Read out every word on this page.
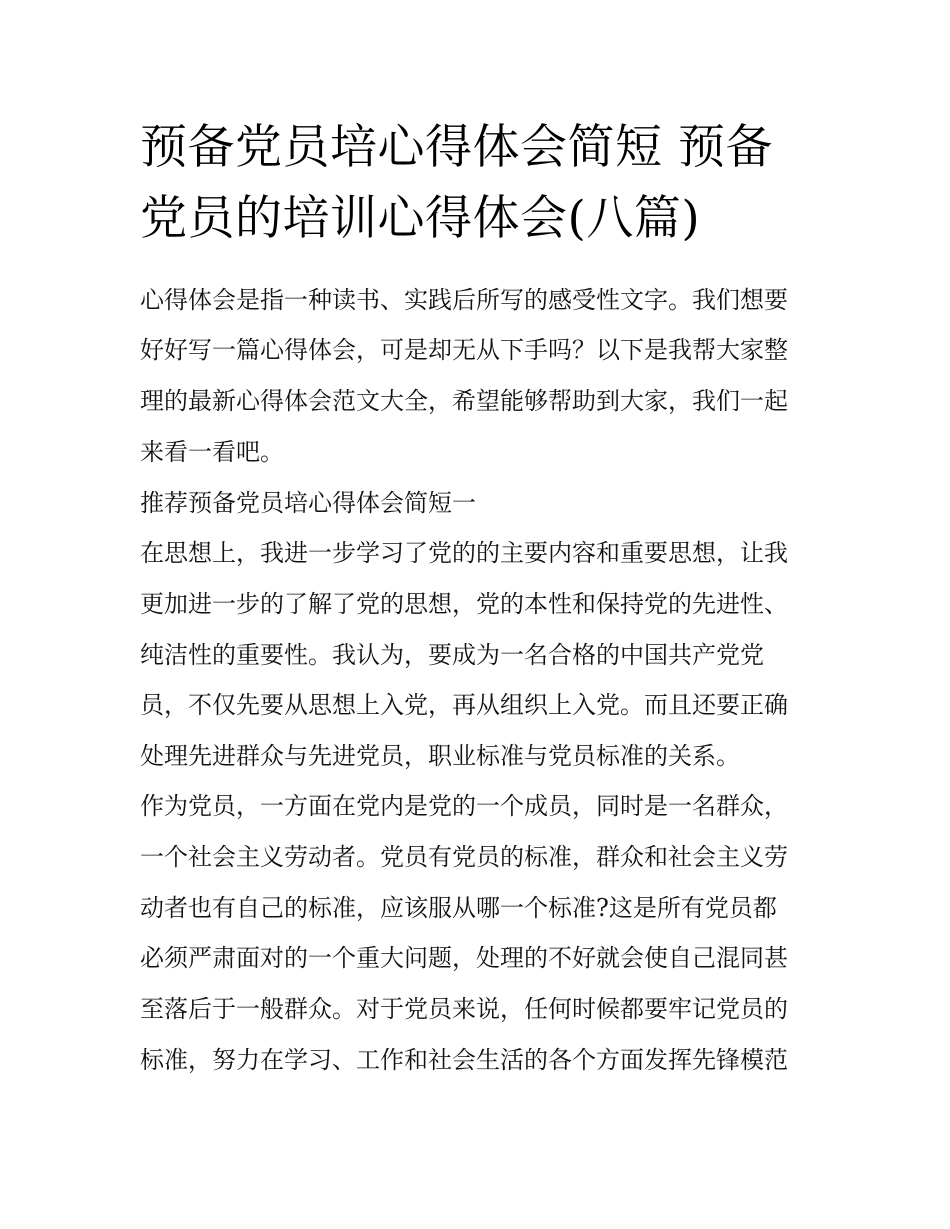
预备党员培心得体会简短 预备
党员的培训心得体会(八篇)
心得体会是指一种读书、实践后所写的感受性文字。我们想要
好好写一篇心得体会，可是却无从下手吗？以下是我帮大家整
理的最新心得体会范文大全，希望能够帮助到大家，我们一起
来看一看吧。
推荐预备党员培心得体会简短一
在思想上，我进一步学习了党的的主要内容和重要思想，让我
更加进一步的了解了党的思想，党的本性和保持党的先进性、
纯洁性的重要性。我认为，要成为一名合格的中国共产党党
员，不仅先要从思想上入党，再从组织上入党。而且还要正确
处理先进群众与先进党员，职业标准与党员标准的关系。
作为党员，一方面在党内是党的一个成员，同时是一名群众，
一个社会主义劳动者。党员有党员的标准，群众和社会主义劳
动者也有自己的标准，应该服从哪一个标准?这是所有党员都
必须严肃面对的一个重大问题，处理的不好就会使自己混同甚
至落后于一般群众。对于党员来说，任何时候都要牢记党员的
标准，努力在学习、工作和社会生活的各个方面发挥先锋模范
